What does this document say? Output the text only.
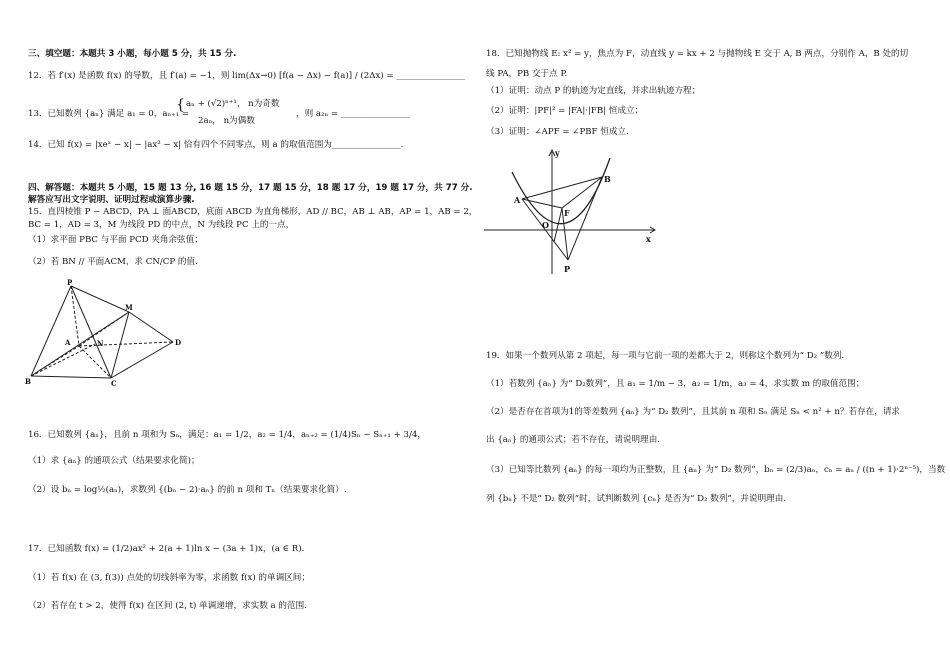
三、填空题：本题共 3 小题，每小题 5 分，共 15 分.
12．若 f′(x) 是函数 f(x) 的导数，且 f′(a) = −1，则 lim(Δx→0) [f(a − Δx) − f(a)] / (2Δx) = ________________
13．已知数列 {aₙ} 满足 a₁ = 0，aₙ₊₁ =
{ aₙ + (√2)ⁿ⁺¹， n为奇数
2aₙ， n为偶数
，则 a₂ₙ = ________________
14．已知 f(x) = |xeˣ − x| − |ax² − x| 恰有四个不同零点，则 a 的取值范围为________________.
四、解答题：本题共 5 小题，15 题 13 分, 16 题 15 分，17 题 15 分，18 题 17 分，19 题 17 分，共 77 分.
解答应写出文字说明、证明过程或演算步骤.
15．直四棱锥 P − ABCD，PA ⊥ 面ABCD，底面 ABCD 为直角梯形，AD // BC，AB ⊥ AB，AP = 1，AB = 2，
BC = 1，AD = 3，M 为线段 PD 的中点，N 为线段 PC 上的一点，
（1）求平面 PBC 与平面 PCD 夹角余弦值；
（2）若 BN // 平面ACM，求 CN/CP 的值.
P
M
A	N	D
B	C
16．已知数列 {aₙ}，且前 n 项和为 Sₙ，满足：a₁ = 1/2，a₂ = 1/4，aₙ₊₂ = (1/4)Sₙ − Sₙ₊₁ + 3/4，
（1）求 {aₙ} 的通项公式（结果要求化简)；
（2）设 bₙ = log½(aₙ)，求数列 {(bₙ − 2)·aₙ} 的前 n 项和 Tₙ（结果要求化简）.
17．已知函数 f(x) = (1/2)ax² + 2(a + 1)ln x − (3a + 1)x，(a ∈ R).
（1）若 f(x) 在 (3, f(3)) 点处的切线斜率为零，求函数 f(x) 的单调区间；
（2）若存在 t > 2，使得 f(x) 在区间 (2, t) 单调递增，求实数 a 的范围.
18．已知抛物线 E: x² = y，焦点为 F，动直线 y = kx + 2 与抛物线 E 交于 A, B 两点，分别作 A，B 处的切
线 PA，PB 交于点 P.
（1）证明：动点 P 的轨迹为定直线，并求出轨迹方程；
（2）证明：|PF|² = |FA|·|FB| 恒成立；
（3）证明：∠APF = ∠PBF 恒成立.
y
B
A
F
O
x
P
19．如果一个数列从第 2 项起，每一项与它前一项的差都大于 2，则称这个数列为“ D₂ ”数列.
（1）若数列 {aₙ} 为“ D₂数列”，且 a₁ = 1/m − 3，a₂ = 1/m，a₃ = 4，求实数 m 的取值范围；
（2）是否存在首项为1的等差数列 {aₙ} 为“ D₂ 数列”，且其前 n 项和 Sₙ 满足 Sₙ < n² + n？若存在，请求
出 {aₙ} 的通项公式；若不存在，请说明理由.
（3）已知等比数列 {aₙ} 的每一项均为正整数，且 {aₙ} 为“ D₂ 数列”，bₙ = (2/3)aₙ，cₙ = aₙ / ((n + 1)·2ⁿ⁻⁵)，当数
列 {bₙ} 不是“ D₂ 数列”时，试判断数列 {cₙ} 是否为“ D₂ 数列”，并说明理由.
